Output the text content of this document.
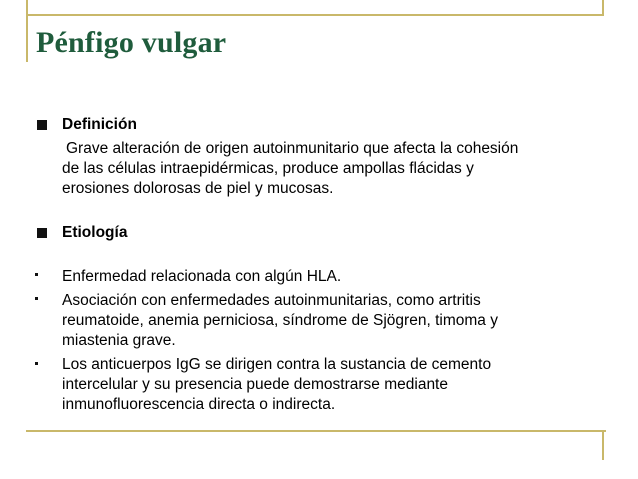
Pénfigo vulgar
Definición
Grave alteración de origen autoinmunitario que afecta la cohesión
de las células intraepidérmicas, produce ampollas flácidas y
erosiones dolorosas de piel y mucosas.
Etiología
Enfermedad relacionada con algún HLA.
Asociación con enfermedades autoinmunitarias, como artritis
reumatoide, anemia perniciosa, síndrome de Sjögren, timoma y
miastenia grave.
Los anticuerpos IgG se dirigen contra la sustancia de cemento
intercelular y su presencia puede demostrarse mediante
inmunofluorescencia directa o indirecta.
